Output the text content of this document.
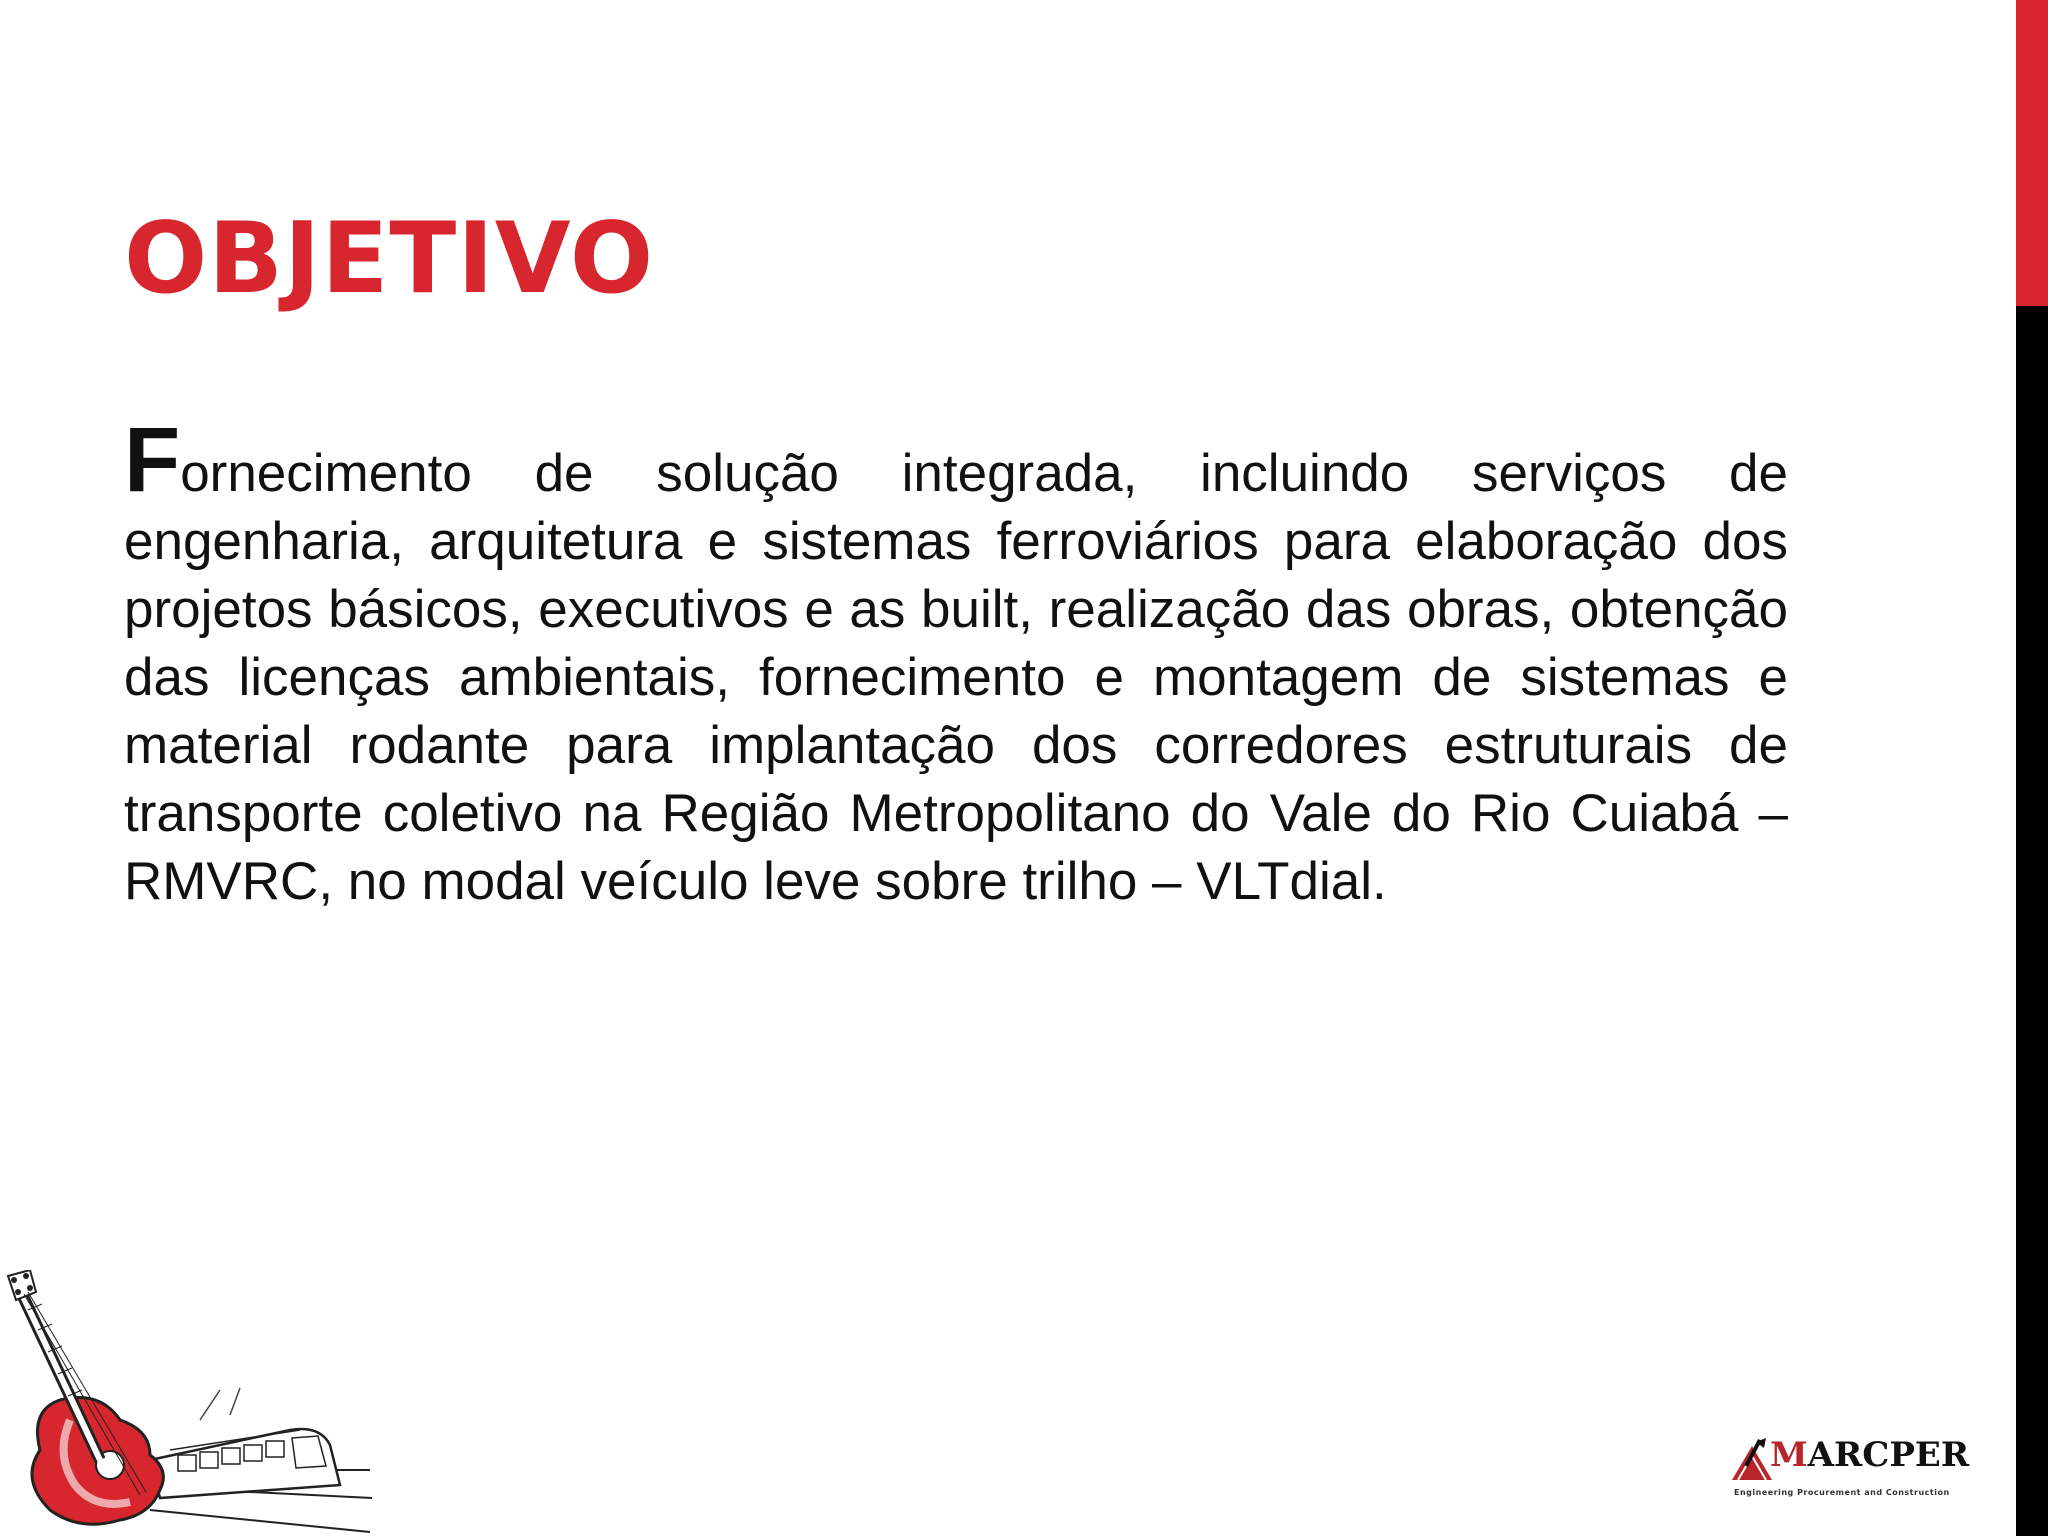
OBJETIVO

Fornecimento de solução integrada, incluindo serviços de engenharia, arquitetura e sistemas ferroviários para elaboração dos projetos básicos, executivos e as built, realização das obras, obtenção das licenças ambientais, fornecimento e montagem de sistemas e material rodante para implantação dos corredores estruturais de transporte coletivo na Região Metropolitano do Vale do Rio Cuiabá – RMVRC, no modal veículo leve sobre trilho – VLTdial.

MARCPER
Engineering Procurement and Construction
